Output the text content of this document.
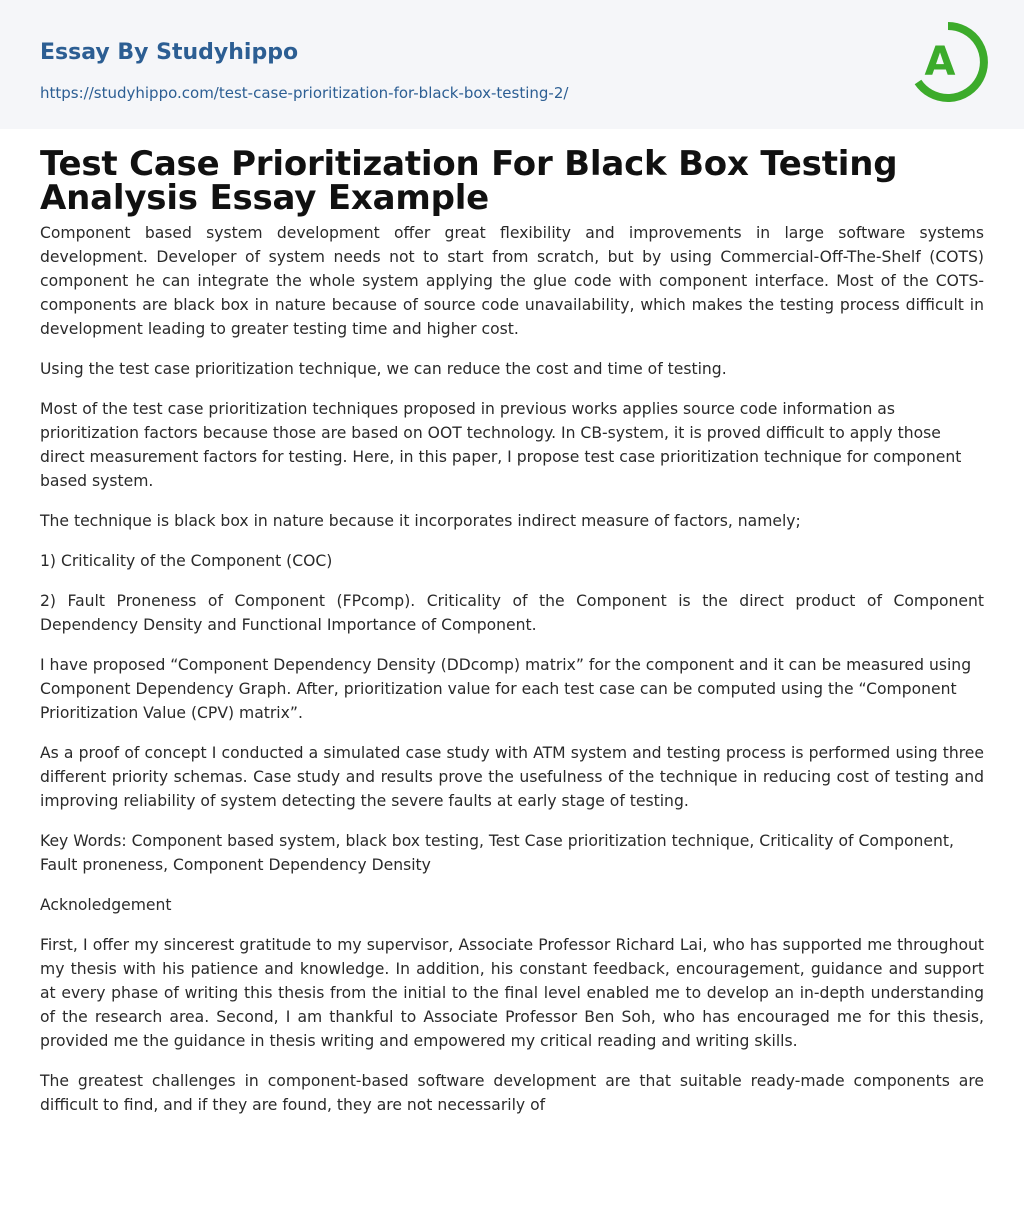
Essay By Studyhippo
https://studyhippo.com/test-case-prioritization-for-black-box-testing-2/
A
Test Case Prioritization For Black Box Testing Analysis Essay Example

Component based system development offer great flexibility and improvements in large software systems development. Developer of system needs not to start from scratch, but by using Commercial-Off-The-Shelf (COTS) component he can integrate the whole system applying the glue code with component interface. Most of the COTS-components are black box in nature because of source code unavailability, which makes the testing process difficult in development leading to greater testing time and higher cost.

Using the test case prioritization technique, we can reduce the cost and time of testing.

Most of the test case prioritization techniques proposed in previous works applies source code information as prioritization factors because those are based on OOT technology. In CB-system, it is proved difficult to apply those direct measurement factors for testing. Here, in this paper, I propose test case prioritization technique for component based system.

The technique is black box in nature because it incorporates indirect measure of factors, namely;

1) Criticality of the Component (COC)

2) Fault Proneness of Component (FPcomp). Criticality of the Component is the direct product of Component Dependency Density and Functional Importance of Component.

I have proposed “Component Dependency Density (DDcomp) matrix” for the component and it can be measured using Component Dependency Graph. After, prioritization value for each test case can be computed using the “Component Prioritization Value (CPV) matrix”.

As a proof of concept I conducted a simulated case study with ATM system and testing process is performed using three different priority schemas. Case study and results prove the usefulness of the technique in reducing cost of testing and improving reliability of system detecting the severe faults at early stage of testing.

Key Words: Component based system, black box testing, Test Case prioritization technique, Criticality of Component, Fault proneness, Component Dependency Density

Acknoledgement

First, I offer my sincerest gratitude to my supervisor, Associate Professor Richard Lai, who has supported me throughout my thesis with his patience and knowledge. In addition, his constant feedback, encouragement, guidance and support at every phase of writing this thesis from the initial to the final level enabled me to develop an in-depth understanding of the research area. Second, I am thankful to Associate Professor Ben Soh, who has encouraged me for this thesis, provided me the guidance in thesis writing and empowered my critical reading and writing skills.

The greatest challenges in component-based software development are that suitable ready-made components are difficult to find, and if they are found, they are not necessarily of
